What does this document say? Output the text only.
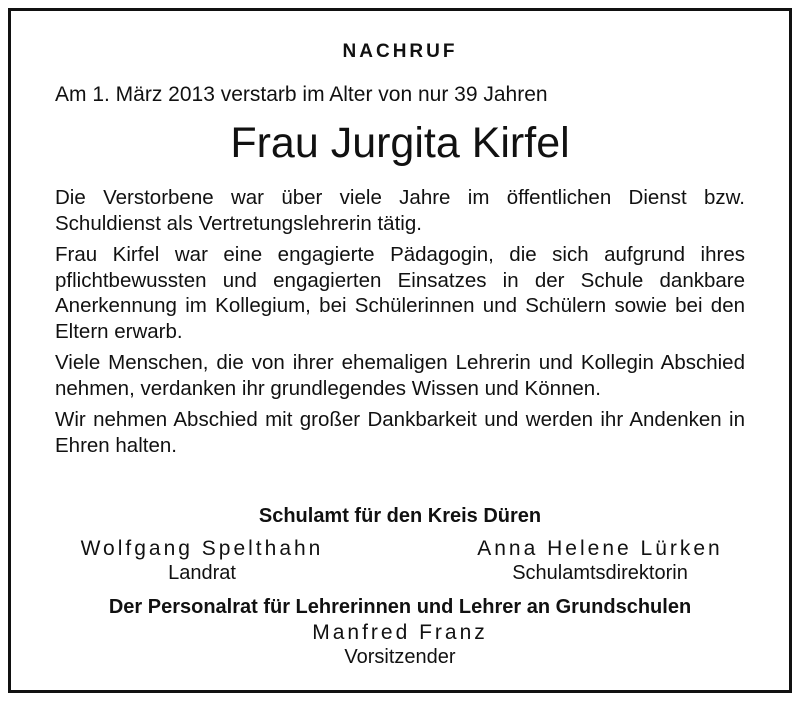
NACHRUF
Am 1. März 2013 verstarb im Alter von nur 39 Jahren
Frau Jurgita Kirfel

Die Verstorbene war über viele Jahre im öffentlichen Dienst bzw. Schuldienst als Vertretungslehrerin tätig.

Frau Kirfel war eine engagierte Pädagogin, die sich aufgrund ihres pflichtbewussten und engagierten Einsatzes in der Schule dankbare Anerkennung im Kollegium, bei Schülerinnen und Schülern sowie bei den Eltern erwarb.

Viele Menschen, die von ihrer ehemaligen Lehrerin und Kollegin Abschied nehmen, verdanken ihr grundlegendes Wissen und Können.

Wir nehmen Abschied mit großer Dankbarkeit und werden ihr Andenken in Ehren halten.

Schulamt für den Kreis Düren
Wolfgang Spelthahn
Landrat
Anna Helene Lürken
Schulamtsdirektorin
Der Personalrat für Lehrerinnen und Lehrer an Grundschulen
Manfred Franz
Vorsitzender
